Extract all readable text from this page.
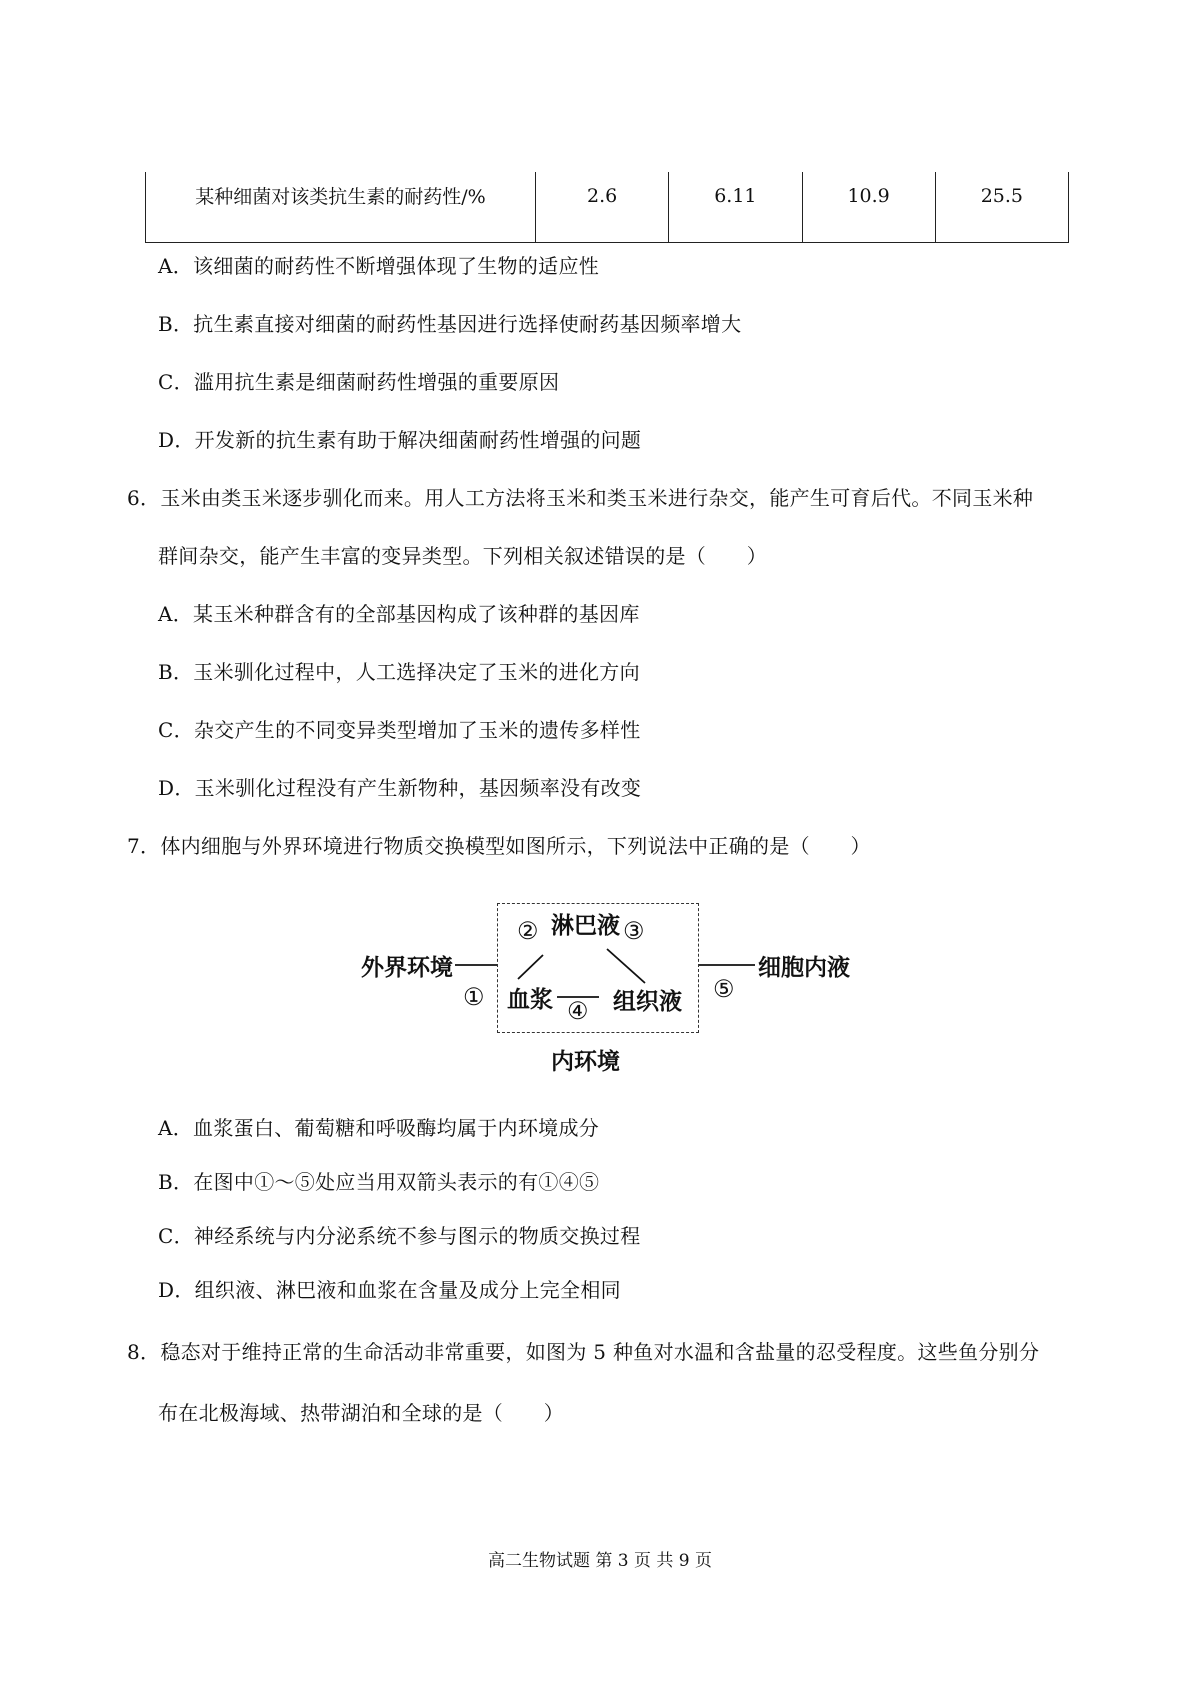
某种细菌对该类抗生素的耐药性/%	2.6	6.11	10.9	25.5
A．该细菌的耐药性不断增强体现了生物的适应性
B．抗生素直接对细菌的耐药性基因进行选择使耐药基因频率增大
C．滥用抗生素是细菌耐药性增强的重要原因
D．开发新的抗生素有助于解决细菌耐药性增强的问题
6．玉米由类玉米逐步驯化而来。用人工方法将玉米和类玉米进行杂交，能产生可育后代。不同玉米种
群间杂交，能产生丰富的变异类型。下列相关叙述错误的是（　　）
A．某玉米种群含有的全部基因构成了该种群的基因库
B．玉米驯化过程中，人工选择决定了玉米的进化方向
C．杂交产生的不同变异类型增加了玉米的遗传多样性
D．玉米驯化过程没有产生新物种，基因频率没有改变
7．体内细胞与外界环境进行物质交换模型如图所示，下列说法中正确的是（　　）
外界环境
淋巴液
血浆	组织液
细胞内液
内环境
②	③
①	④
⑤
A．血浆蛋白、葡萄糖和呼吸酶均属于内环境成分
B．在图中①～⑤处应当用双箭头表示的有①④⑤
C．神经系统与内分泌系统不参与图示的物质交换过程
D．组织液、淋巴液和血浆在含量及成分上完全相同
8．稳态对于维持正常的生命活动非常重要，如图为 5 种鱼对水温和含盐量的忍受程度。这些鱼分别分
布在北极海域、热带湖泊和全球的是（　　）
高二生物试题 第 3 页 共 9 页
